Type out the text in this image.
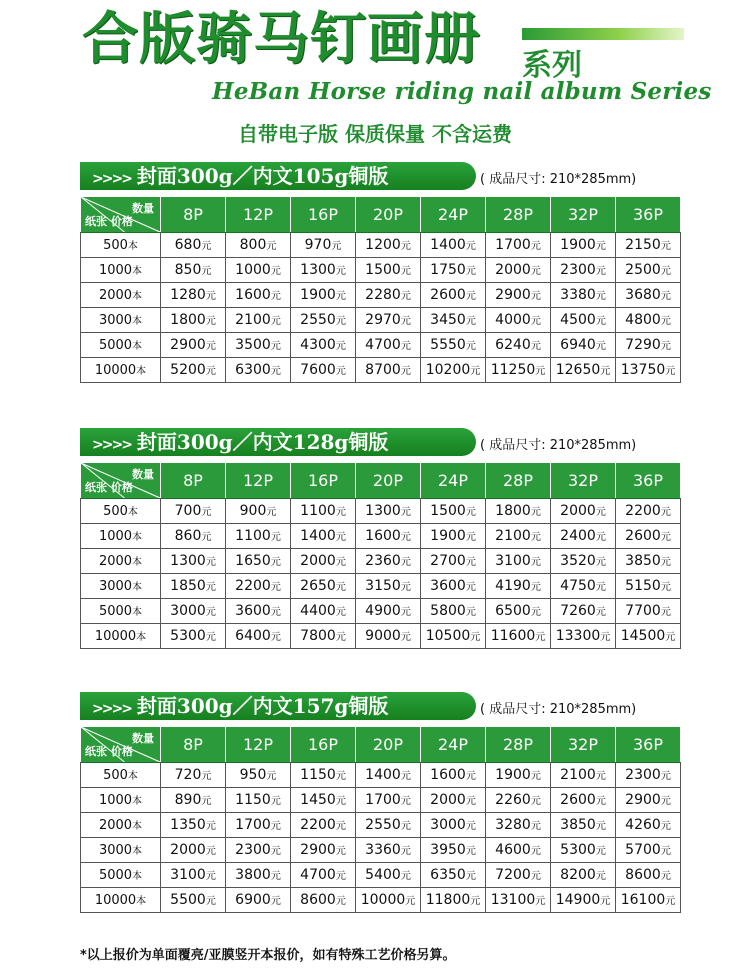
合版骑马钉画册 系列
HeBan Horse riding nail album Series
自带电子版 保质保量 不含运费
>>>> 封面300g／内文105g铜版	( 成品尺寸: 210*285mm)
数量
纸张 价格	8P	12P	16P	20P	24P	28P	32P	36P
500本	680元	800元	970元	1200元	1400元	1700元	1900元	2150元
1000本	850元	1000元	1300元	1500元	1750元	2000元	2300元	2500元
2000本	1280元	1600元	1900元	2280元	2600元	2900元	3380元	3680元
3000本	1800元	2100元	2550元	2970元	3450元	4000元	4500元	4800元
5000本	2900元	3500元	4300元	4700元	5550元	6240元	6940元	7290元
10000本	5200元	6300元	7600元	8700元	10200元	11250元	12650元	13750元
>>>> 封面300g／内文128g铜版	( 成品尺寸: 210*285mm)
数量
纸张 价格	8P	12P	16P	20P	24P	28P	32P	36P
500本	700元	900元	1100元	1300元	1500元	1800元	2000元	2200元
1000本	860元	1100元	1400元	1600元	1900元	2100元	2400元	2600元
2000本	1300元	1650元	2000元	2360元	2700元	3100元	3520元	3850元
3000本	1850元	2200元	2650元	3150元	3600元	4190元	4750元	5150元
5000本	3000元	3600元	4400元	4900元	5800元	6500元	7260元	7700元
10000本	5300元	6400元	7800元	9000元	10500元	11600元	13300元	14500元
>>>> 封面300g／内文157g铜版	( 成品尺寸: 210*285mm)
数量
纸张 价格	8P	12P	16P	20P	24P	28P	32P	36P
500本	720元	950元	1150元	1400元	1600元	1900元	2100元	2300元
1000本	890元	1150元	1450元	1700元	2000元	2260元	2600元	2900元
2000本	1350元	1700元	2200元	2550元	3000元	3280元	3850元	4260元
3000本	2000元	2300元	2900元	3360元	3950元	4600元	5300元	5700元
5000本	3100元	3800元	4700元	5400元	6350元	7200元	8200元	8600元
10000本	5500元	6900元	8600元	10000元	11800元	13100元	14900元	16100元
*以上报价为单面覆亮/亚膜竖开本报价，如有特殊工艺价格另算。
